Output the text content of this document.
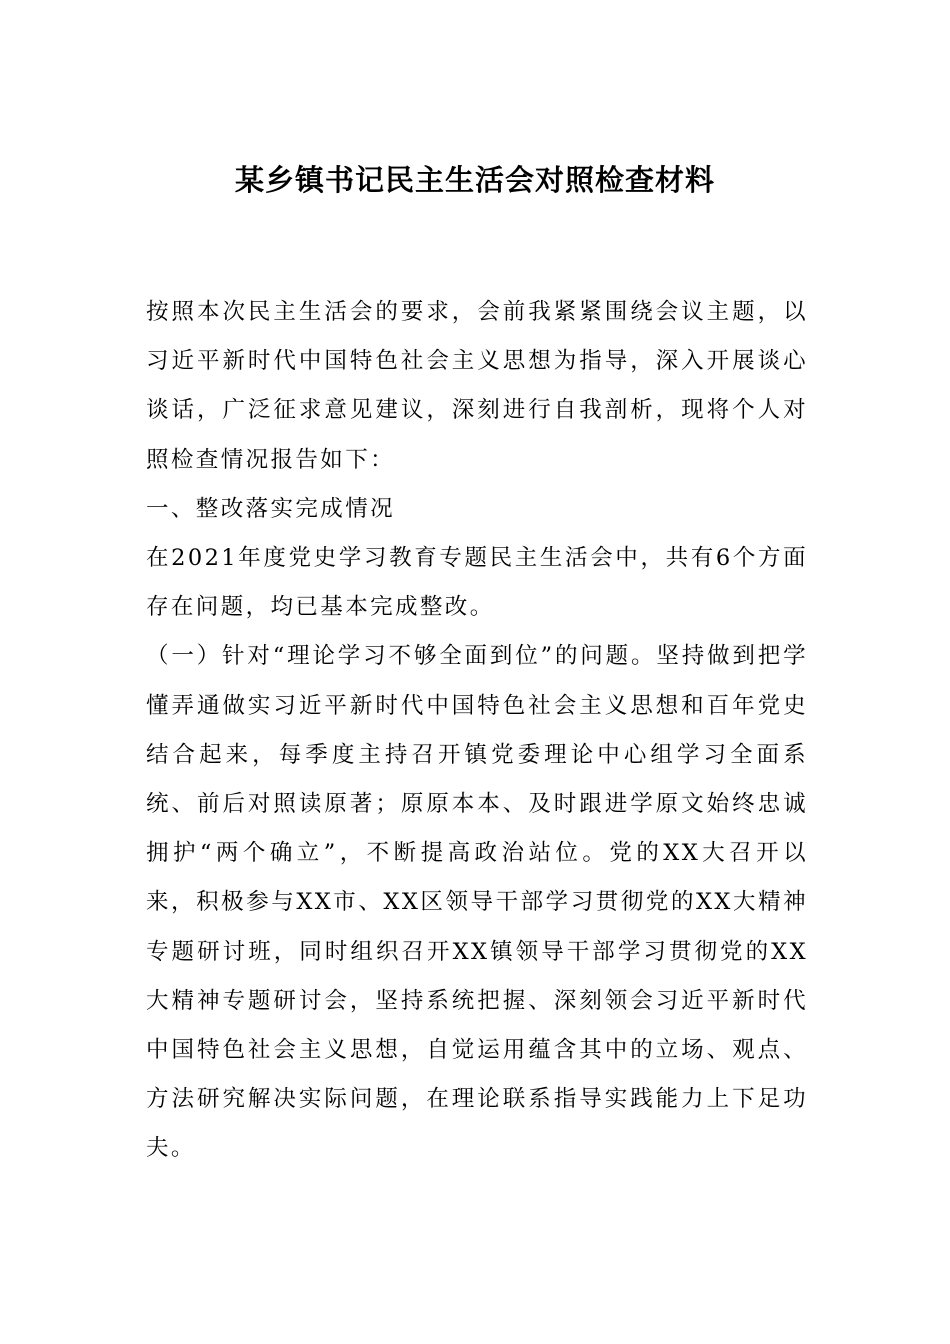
某乡镇书记民主生活会对照检查材料

按照本次民主生活会的要求，会前我紧紧围绕会议主题，以习近平新时代中国特色社会主义思想为指导，深入开展谈心谈话，广泛征求意见建议，深刻进行自我剖析，现将个人对照检查情况报告如下：

一、整改落实完成情况

在2021年度党史学习教育专题民主生活会中，共有6个方面存在问题，均已基本完成整改。

（一）针对“理论学习不够全面到位”的问题。坚持做到把学懂弄通做实习近平新时代中国特色社会主义思想和百年党史结合起来，每季度主持召开镇党委理论中心组学习全面系统、前后对照读原著；原原本本、及时跟进学原文始终忠诚拥护“两个确立”，不断提高政治站位。党的XX大召开以来，积极参与XX市、XX区领导干部学习贯彻党的XX大精神专题研讨班，同时组织召开XX镇领导干部学习贯彻党的XX大精神专题研讨会，坚持系统把握、深刻领会习近平新时代中国特色社会主义思想，自觉运用蕴含其中的立场、观点、方法研究解决实际问题，在理论联系指导实践能力上下足功夫。
